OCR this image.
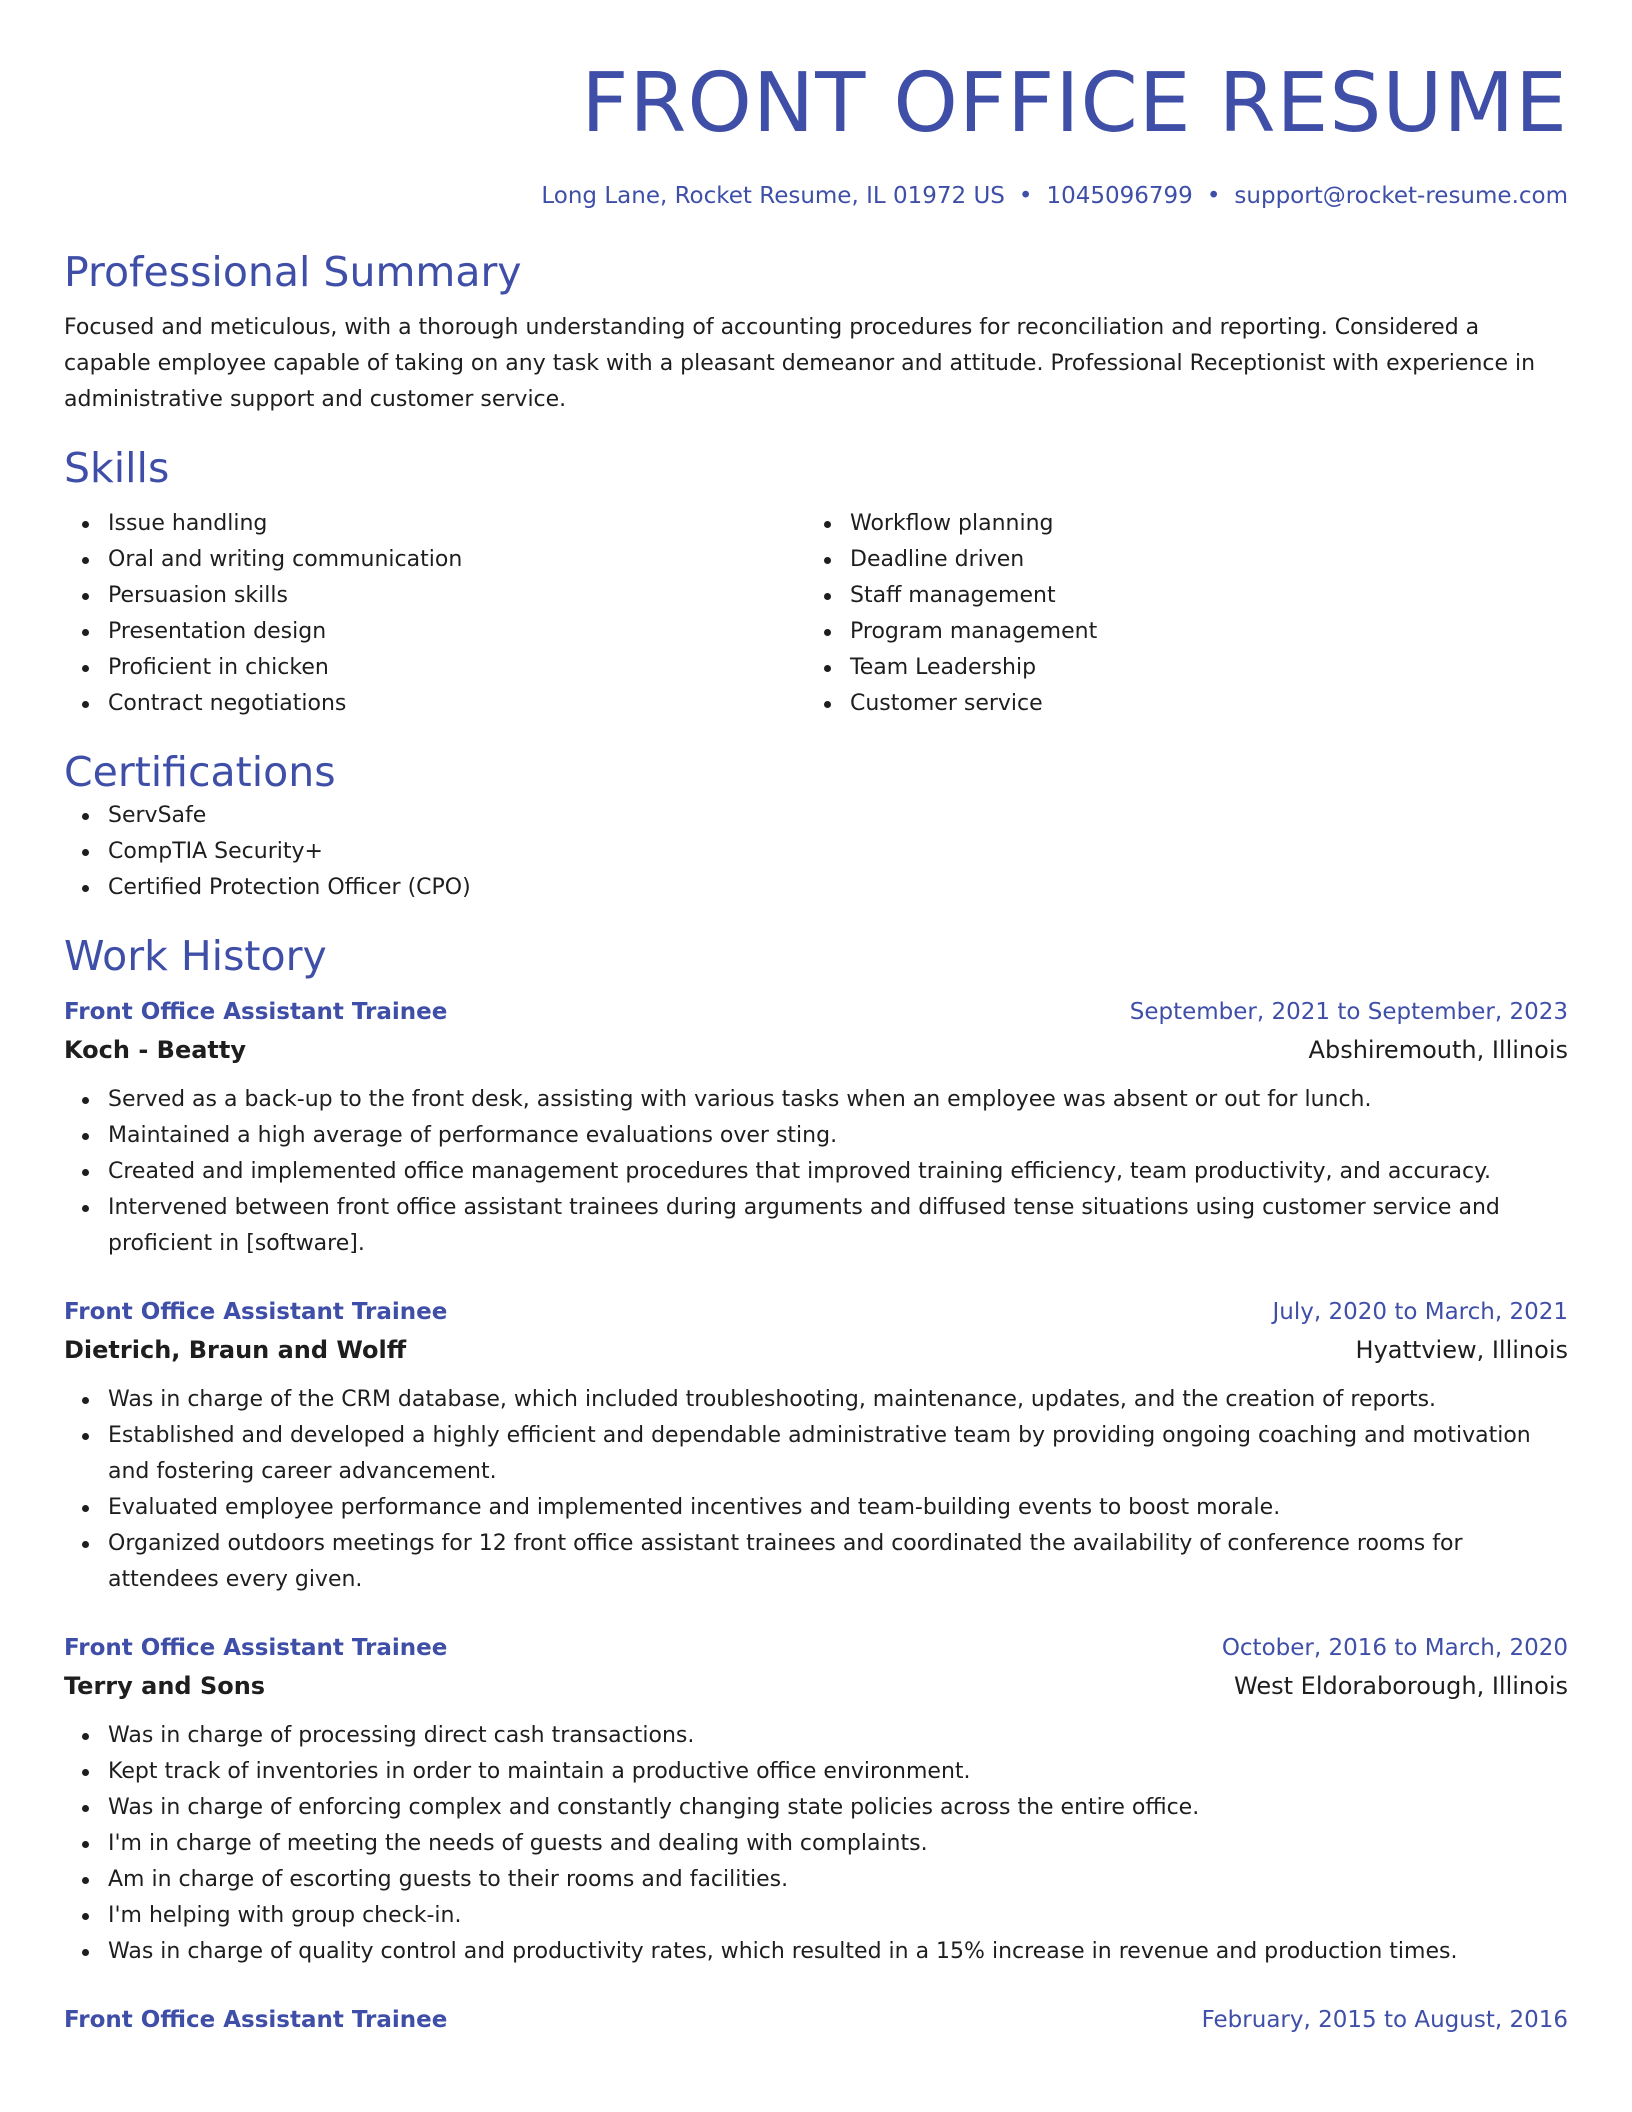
FRONT OFFICE RESUME
Long Lane, Rocket Resume, IL 01972 US • 1045096799 • support@rocket-resume.com
Professional Summary

Focused and meticulous, with a thorough understanding of accounting procedures for reconciliation and reporting. Considered a capable employee capable of taking on any task with a pleasant demeanor and attitude. Professional Receptionist with experience in administrative support and customer service.

Skills
Issue handling
Oral and writing communication
Persuasion skills
Presentation design
Proficient in chicken
Contract negotiations
Workflow planning
Deadline driven
Staff management
Program management
Team Leadership
Customer service
Certifications
ServSafe
CompTIA Security+
Certified Protection Officer (CPO)
Work History
Front Office Assistant Trainee	September, 2021 to September, 2023
Koch - Beatty	Abshiremouth, Illinois
Served as a back-up to the front desk, assisting with various tasks when an employee was absent or out for lunch.
Maintained a high average of performance evaluations over sting.
Created and implemented office management procedures that improved training efficiency, team productivity, and accuracy.
Intervened between front office assistant trainees during arguments and diffused tense situations using customer service and proficient in [software].
Front Office Assistant Trainee	July, 2020 to March, 2021
Dietrich, Braun and Wolff	Hyattview, Illinois
Was in charge of the CRM database, which included troubleshooting, maintenance, updates, and the creation of reports.
Established and developed a highly efficient and dependable administrative team by providing ongoing coaching and motivation and fostering career advancement.
Evaluated employee performance and implemented incentives and team-building events to boost morale.
Organized outdoors meetings for 12 front office assistant trainees and coordinated the availability of conference rooms for attendees every given.
Front Office Assistant Trainee	October, 2016 to March, 2020
Terry and Sons	West Eldoraborough, Illinois
Was in charge of processing direct cash transactions.
Kept track of inventories in order to maintain a productive office environment.
Was in charge of enforcing complex and constantly changing state policies across the entire office.
I'm in charge of meeting the needs of guests and dealing with complaints.
Am in charge of escorting guests to their rooms and facilities.
I'm helping with group check-in.
Was in charge of quality control and productivity rates, which resulted in a 15% increase in revenue and production times.
Front Office Assistant Trainee	February, 2015 to August, 2016
